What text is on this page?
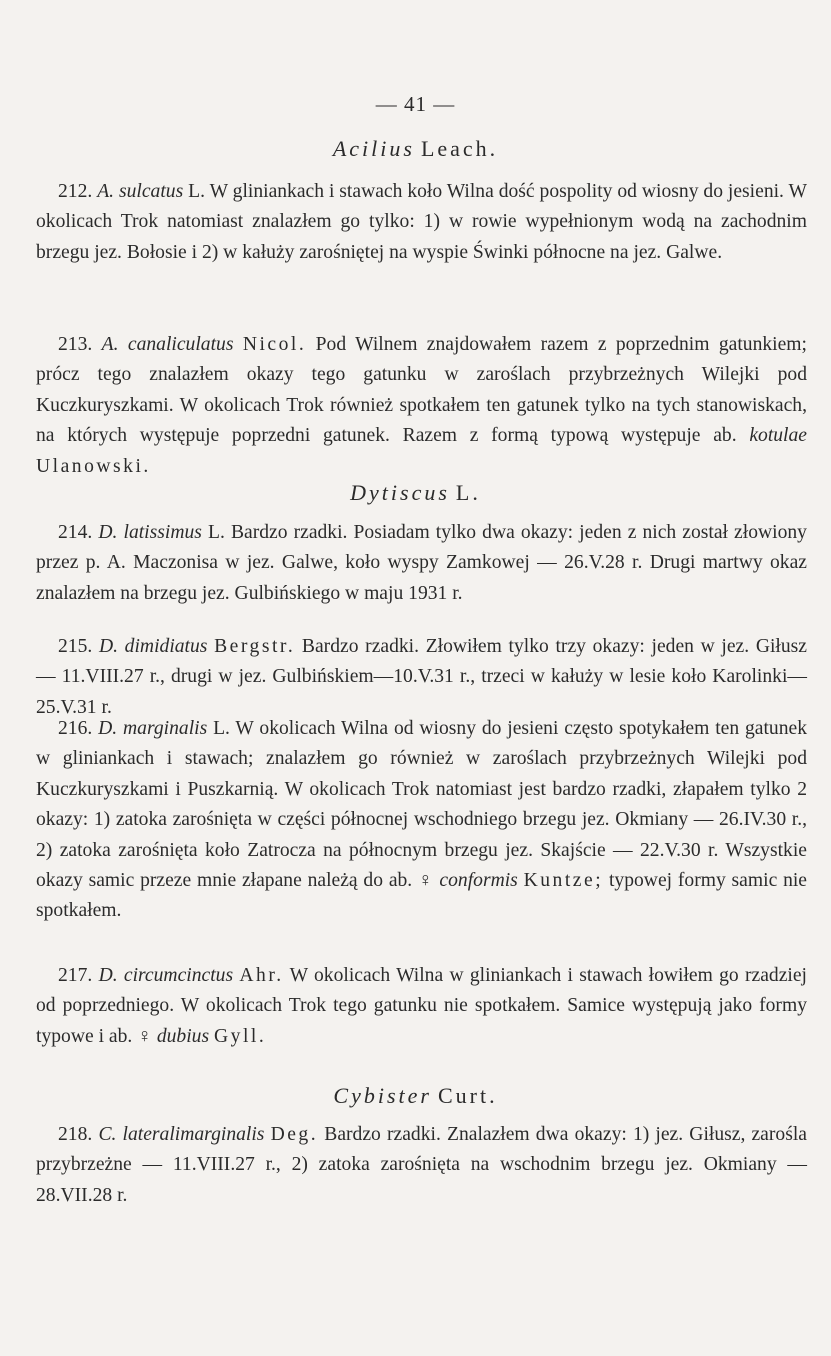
— 41 —
Acilius Leach.

212. A. sulcatus L. W gliniankach i stawach koło Wilna dość pospolity od wiosny do jesieni. W okolicach Trok natomiast znalazłem go tylko: 1) w rowie wypełnionym wodą na zachodnim brzegu jez. Bołosie i 2) w kałuży zarośniętej na wyspie Świnki północne na jez. Galwe.

213. A. canaliculatus Nicol. Pod Wilnem znajdowałem razem z poprzednim gatunkiem; prócz tego znalazłem okazy tego gatunku w zaroślach przybrzeżnych Wilejki pod Kuczkuryszkami. W okolicach Trok również spotkałem ten gatunek tylko na tych stanowiskach, na których występuje poprzedni gatunek. Razem z formą typową występuje ab. kotulae Ulanowski.

Dytiscus L.

214. D. latissimus L. Bardzo rzadki. Posiadam tylko dwa okazy: jeden z nich został złowiony przez p. A. Maczonisa w jez. Galwe, koło wyspy Zamkowej — 26.V.28 r. Drugi martwy okaz znalazłem na brzegu jez. Gulbińskiego w maju 1931 r.

215. D. dimidiatus Bergstr. Bardzo rzadki. Złowiłem tylko trzy okazy: jeden w jez. Giłusz — 11.VIII.27 r., drugi w jez. Gulbińskiem—10.V.31 r., trzeci w kałuży w lesie koło Karolinki—25.V.31 r.

216. D. marginalis L. W okolicach Wilna od wiosny do jesieni często spotykałem ten gatunek w gliniankach i stawach; znalazłem go również w zaroślach przybrzeżnych Wilejki pod Kuczkuryszkami i Puszkarnią. W okolicach Trok natomiast jest bardzo rzadki, złapałem tylko 2 okazy: 1) zatoka zarośnięta w części północnej wschodniego brzegu jez. Okmiany — 26.IV.30 r., 2) zatoka zarośnięta koło Zatrocza na północnym brzegu jez. Skajście — 22.V.30 r. Wszystkie okazy samic przeze mnie złapane należą do ab. ♀ conformis Kuntze; typowej formy samic nie spotkałem.

217. D. circumcinctus Ahr. W okolicach Wilna w gliniankach i stawach łowiłem go rzadziej od poprzedniego. W okolicach Trok tego gatunku nie spotkałem. Samice występują jako formy typowe i ab. ♀ dubius Gyll.

Cybister Curt.

218. C. lateralimarginalis Deg. Bardzo rzadki. Znalazłem dwa okazy: 1) jez. Giłusz, zarośla przybrzeżne — 11.VIII.27 r., 2) zatoka zarośnięta na wschodnim brzegu jez. Okmiany — 28.VII.28 r.
